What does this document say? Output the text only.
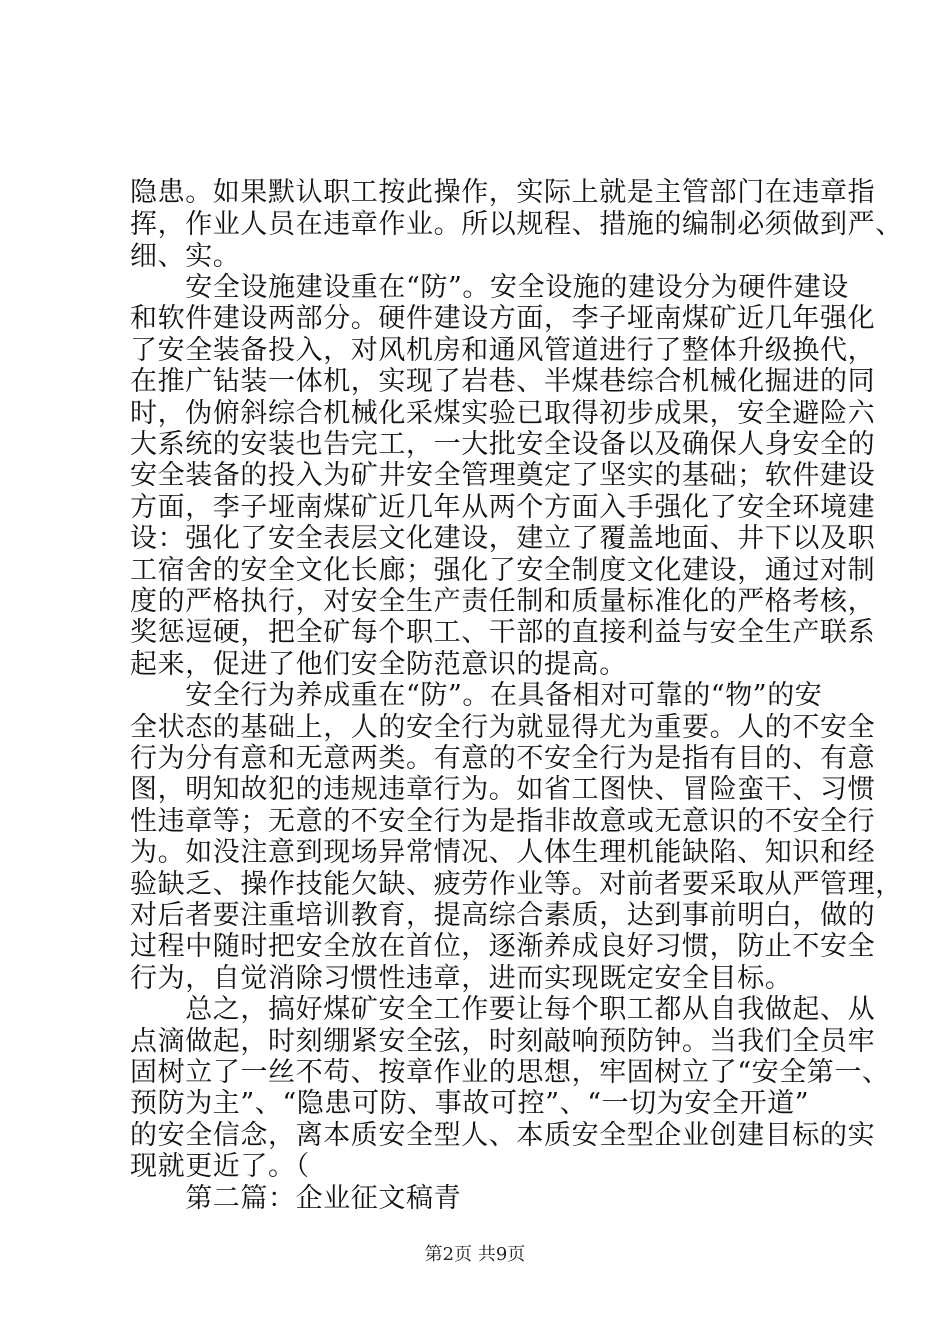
隐患。如果默认职工按此操作，实际上就是主管部门在违章指
挥，作业人员在违章作业。所以规程、措施的编制必须做到严、
细、实。
　　安全设施建设重在“防”。安全设施的建设分为硬件建设
和软件建设两部分。硬件建设方面，李子垭南煤矿近几年强化
了安全装备投入，对风机房和通风管道进行了整体升级换代，
在推广钻装一体机，实现了岩巷、半煤巷综合机械化掘进的同
时，伪俯斜综合机械化采煤实验已取得初步成果，安全避险六
大系统的安装也告完工，一大批安全设备以及确保人身安全的
安全装备的投入为矿井安全管理奠定了坚实的基础；软件建设
方面，李子垭南煤矿近几年从两个方面入手强化了安全环境建
设：强化了安全表层文化建设，建立了覆盖地面、井下以及职
工宿舍的安全文化长廊；强化了安全制度文化建设，通过对制
度的严格执行，对安全生产责任制和质量标准化的严格考核，
奖惩逗硬，把全矿每个职工、干部的直接利益与安全生产联系
起来，促进了他们安全防范意识的提高。
　　安全行为养成重在“防”。在具备相对可靠的“物”的安
全状态的基础上，人的安全行为就显得尤为重要。人的不安全
行为分有意和无意两类。有意的不安全行为是指有目的、有意
图，明知故犯的违规违章行为。如省工图快、冒险蛮干、习惯
性违章等；无意的不安全行为是指非故意或无意识的不安全行
为。如没注意到现场异常情况、人体生理机能缺陷、知识和经
验缺乏、操作技能欠缺、疲劳作业等。对前者要采取从严管理，
对后者要注重培训教育，提高综合素质，达到事前明白，做的
过程中随时把安全放在首位，逐渐养成良好习惯，防止不安全
行为，自觉消除习惯性违章，进而实现既定安全目标。
　　总之，搞好煤矿安全工作要让每个职工都从自我做起、从
点滴做起，时刻绷紧安全弦，时刻敲响预防钟。当我们全员牢
固树立了一丝不苟、按章作业的思想，牢固树立了“安全第一、
预防为主”、“隐患可防、事故可控”、“一切为安全开道”
的安全信念，离本质安全型人、本质安全型企业创建目标的实
现就更近了。（
　　第二篇：企业征文稿青
第2页 共9页
